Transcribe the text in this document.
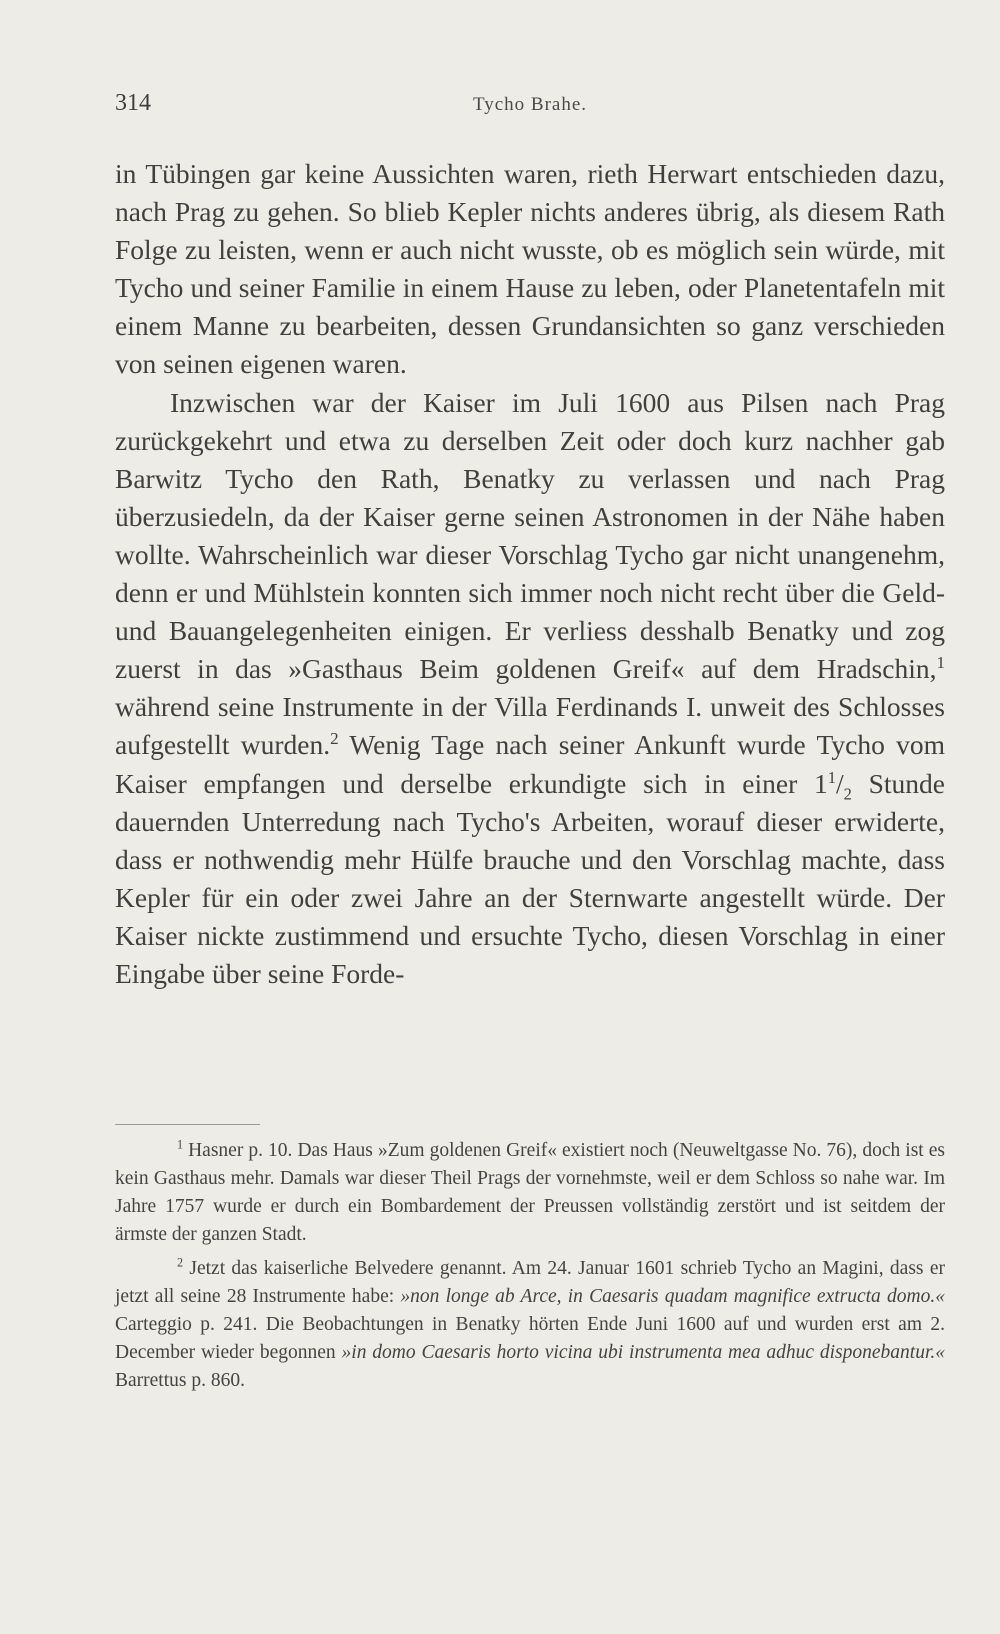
314	Tycho Brahe.

in Tübingen gar keine Aussichten waren, rieth Herwart entschieden dazu, nach Prag zu gehen. So blieb Kepler nichts anderes übrig, als diesem Rath Folge zu leisten, wenn er auch nicht wusste, ob es möglich sein würde, mit Tycho und seiner Familie in einem Hause zu leben, oder Planetentafeln mit einem Manne zu bearbeiten, dessen Grundansichten so ganz verschieden von seinen eigenen waren.

Inzwischen war der Kaiser im Juli 1600 aus Pilsen nach Prag zurückgekehrt und etwa zu derselben Zeit oder doch kurz nachher gab Barwitz Tycho den Rath, Benatky zu verlassen und nach Prag überzusiedeln, da der Kaiser gerne seinen Astronomen in der Nähe haben wollte. Wahrscheinlich war dieser Vorschlag Tycho gar nicht unangenehm, denn er und Mühlstein konnten sich immer noch nicht recht über die Geld- und Bauangelegenheiten einigen. Er verliess desshalb Benatky und zog zuerst in das »Gasthaus Beim goldenen Greif« auf dem Hradschin,$^1$ während seine Instrumente in der Villa Ferdinands I. unweit des Schlosses aufgestellt wurden.$^2$ Wenig Tage nach seiner Ankunft wurde Tycho vom Kaiser empfangen und derselbe erkundigte sich in einer $1^1/_2$ Stunde dauernden Unterredung nach Tycho's Arbeiten, worauf dieser erwiderte, dass er nothwendig mehr Hülfe brauche und den Vorschlag machte, dass Kepler für ein oder zwei Jahre an der Sternwarte angestellt würde. Der Kaiser nickte zustimmend und ersuchte Tycho, diesen Vorschlag in einer Eingabe über seine Forde-

$^1$ Hasner p. 10. Das Haus »Zum goldenen Greif« existiert noch (Neuweltgasse No. 76), doch ist es kein Gasthaus mehr. Damals war dieser Theil Prags der vornehmste, weil er dem Schloss so nahe war. Im Jahre 1757 wurde er durch ein Bombardement der Preussen vollständig zerstört und ist seitdem der ärmste der ganzen Stadt.

$^2$ Jetzt das kaiserliche Belvedere genannt. Am 24. Januar 1601 schrieb Tycho an Magini, dass er jetzt all seine 28 Instrumente habe: »non longe ab Arce, in Caesaris quadam magnifice extructa domo.« Carteggio p. 241. Die Beobachtungen in Benatky hörten Ende Juni 1600 auf und wurden erst am 2. December wieder begonnen »in domo Caesaris horto vicina ubi instrumenta mea adhuc disponebantur.« Barrettus p. 860.
